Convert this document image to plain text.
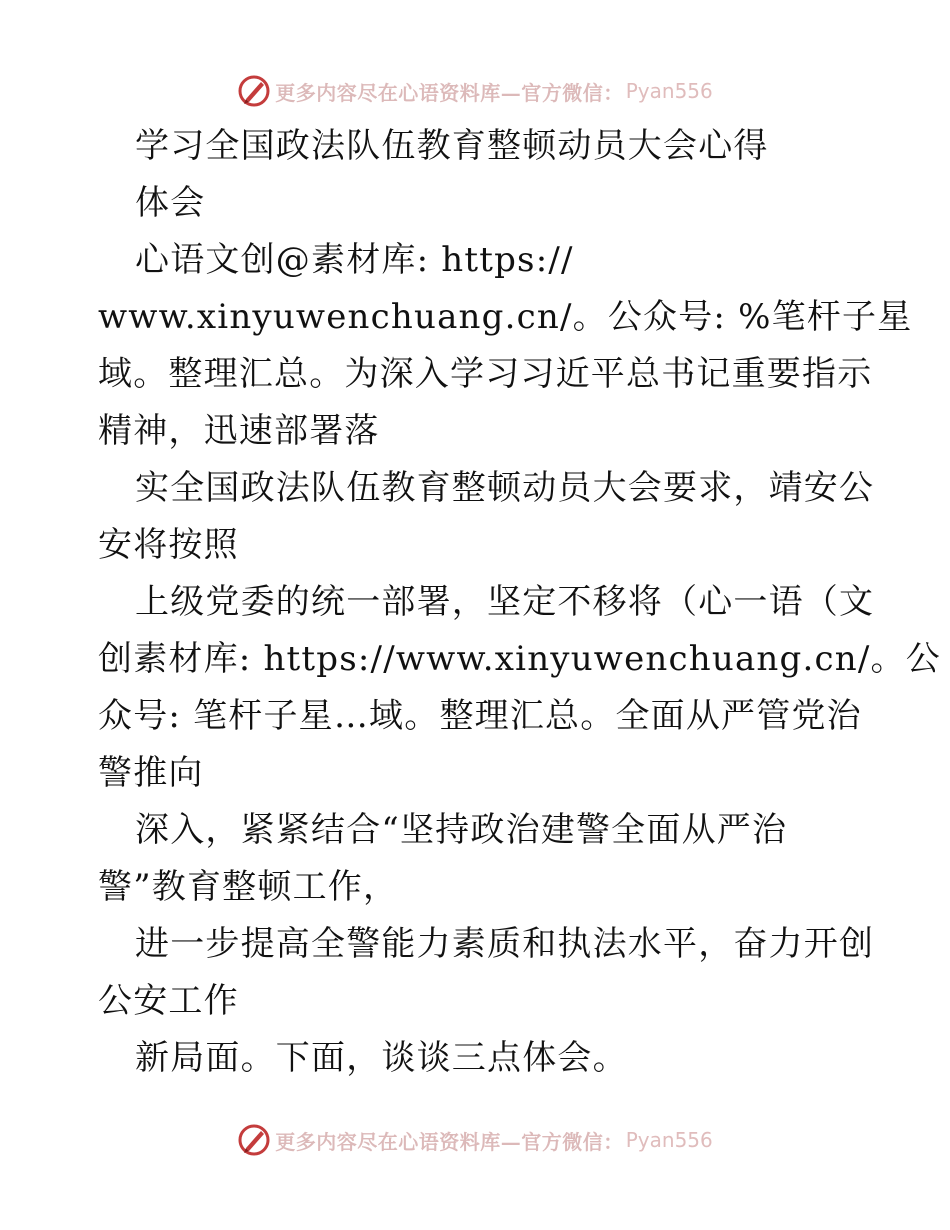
更多内容尽在心语资料库—官方微信： Pyan556
学习全国政法队伍教育整顿动员大会心得
体会
心语文创@素材库: https://
www.xinyuwenchuang.cn/。公众号: %笔杆子星
域。整理汇总。为深入学习习近平总书记重要指示
精神，迅速部署落
实全国政法队伍教育整顿动员大会要求，靖安公
安将按照
上级党委的统一部署，坚定不移将（心一语（文
创素材库: https://www.xinyuwenchuang.cn/。公
众号: 笔杆子星…域。整理汇总。全面从严管党治
警推向
深入，紧紧结合“坚持政治建警全面从严治
警”教育整顿工作，
进一步提高全警能力素质和执法水平，奋力开创
公安工作
新局面。下面，谈谈三点体会。
更多内容尽在心语资料库—官方微信： Pyan556
